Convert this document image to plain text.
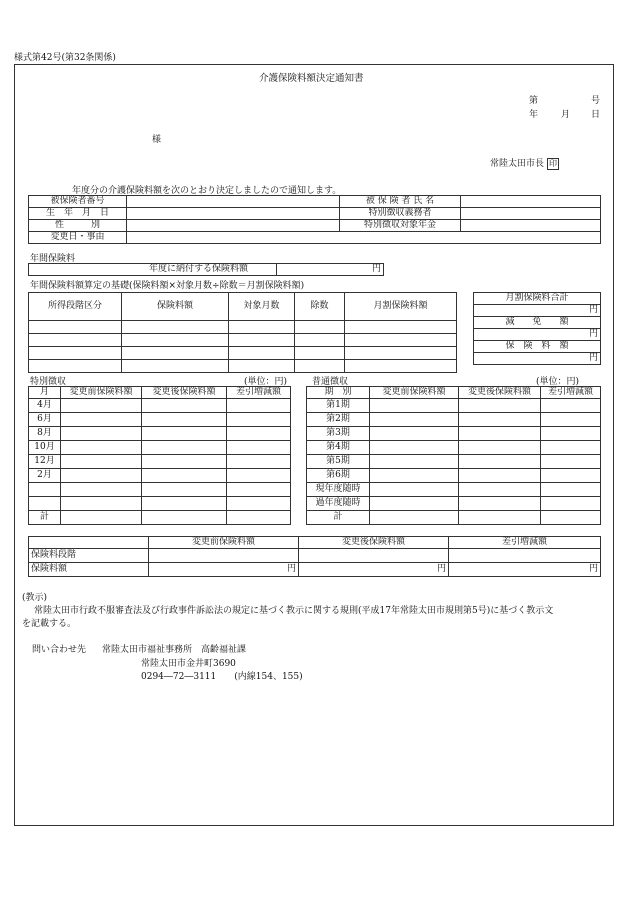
様式第42号(第32条関係)
介護保険料額決定通知書
第	号
年	月 日
様
常陸太田市長 印
年度分の介護保険料額を次のとおり決定しましたので通知します。
被保険者番号		被 保 険 者 氏 名	
生　年　月　日		特別徴収義務者	
性　　　別		特別徴収対象年金	
変更日・事由			
年間保険料
年度に納付する保険料額	円
年間保険料額算定の基礎(保険料額×対象月数÷除数＝月割保険料額)
所得段階区分	保険料額	対象月数	除数	月割保険料額

月割保険料合計
円
減　　免　　額
円
保　険　料　額
円
特別徴収	(単位：円)
月	変更前保険料額	変更後保険料額	差引増減額
4月			
6月			
8月			
10月			
12月			
2月			

計			
普通徴収	(単位：円)
期　別	変更前保険料額	変更後保険料額	差引増減額
第1期			
第2期			
第3期			
第4期			
第5期			
第6期			
現年度随時			
過年度随時			
計			
	変更前保険料額	変更後保険料額	差引増減額
保険料段階			
保険料額	円	円	円
(教示)
常陸太田市行政不服審査法及び行政事件訴訟法の規定に基づく教示に関する規則(平成17年常陸太田市規則第5号)に基づく教示文
を記載する。
問い合わせ先 常陸太田市福祉事務所　高齢福祉課
常陸太田市金井町3690
0294―72―3111　　(内線154、155)
